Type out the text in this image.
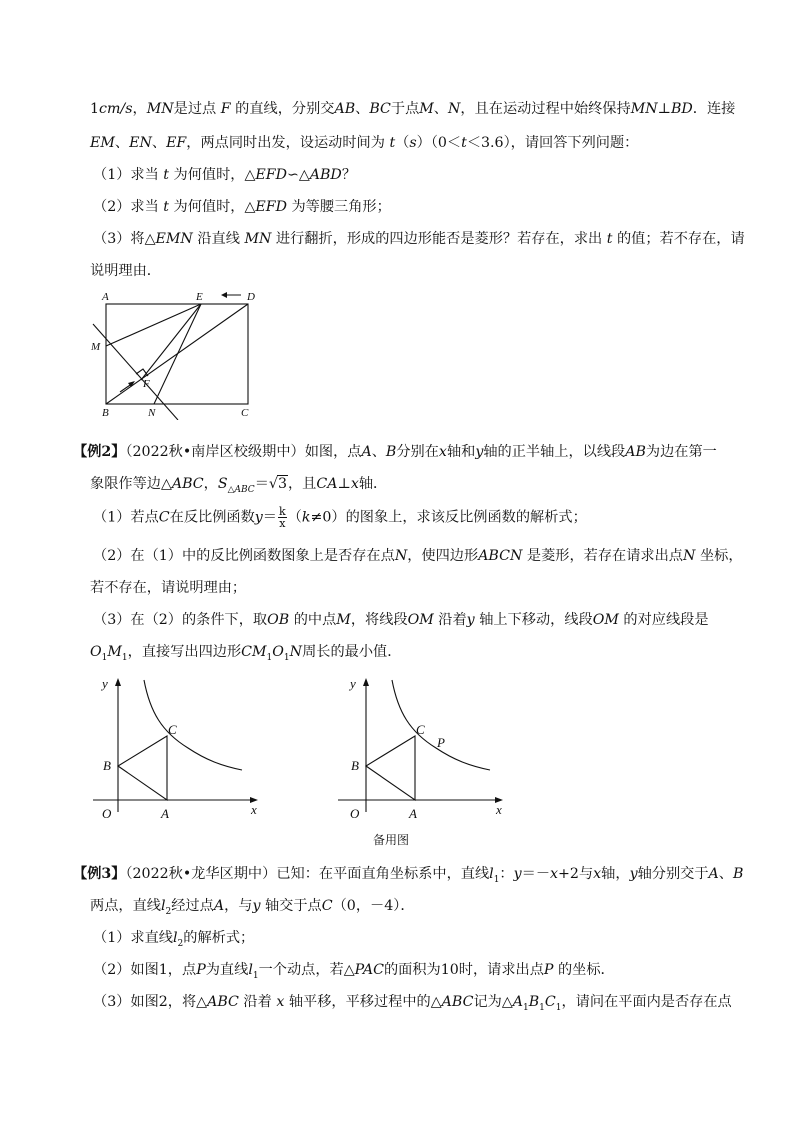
1cm/s，MN是过点 F 的直线，分别交AB、BC于点M、N，且在运动过程中始终保持MN⊥BD．连接
EM、EN、EF，两点同时出发，设运动时间为 t（s）（0＜t＜3.6），请回答下列问题：
（1）求当 t 为何值时，△EFD∽△ABD？
（2）求当 t 为何值时，△EFD 为等腰三角形；
（3）将△EMN 沿直线 MN 进行翻折，形成的四边形能否是菱形？若存在，求出 t 的值；若不存在，请
说明理由．
A	E	D
M
F
B	N	C
【例2】（2022秋•南岸区校级期中）如图，点A、B分别在x轴和y轴的正半轴上，以线段AB为边在第一
象限作等边△ABC，$S_{\triangle ABC}=√3$，且CA⊥x轴．
（1）若点C在反比例函数$y= \frac{k}{x} (k\ne 0)$的图象上，求该反比例函数的解析式；
（2）在（1）中的反比例函数图象上是否存在点N，使四边形ABCN 是菱形，若存在请求出点N 坐标，
若不存在，请说明理由；
（3）在（2）的条件下，取OB 的中点M，将线段OM 沿着y 轴上下移动，线段OM 的对应线段是
$O_1M_1$，直接写出四边形$CM_1O_1N$周长的最小值．
y
x
O	A
B
C
y
x
O	A
B
C
P
备用图
【例3】（2022秋•龙华区期中）已知：在平面直角坐标系中，直线$l_1$：y＝－x+2与x轴，y轴分别交于A、B
两点，直线$l_2$经过点A，与y 轴交于点C（0，－4）．
（1）求直线$l_2$的解析式；
（2）如图1，点P为直线$l_1$一个动点，若△PAC的面积为10时，请求出点P 的坐标．
（3）如图2，将△ABC 沿着 x 轴平移，平移过程中的△ABC记为$\triangle A_1B_1C_1$，请问在平面内是否存在点
